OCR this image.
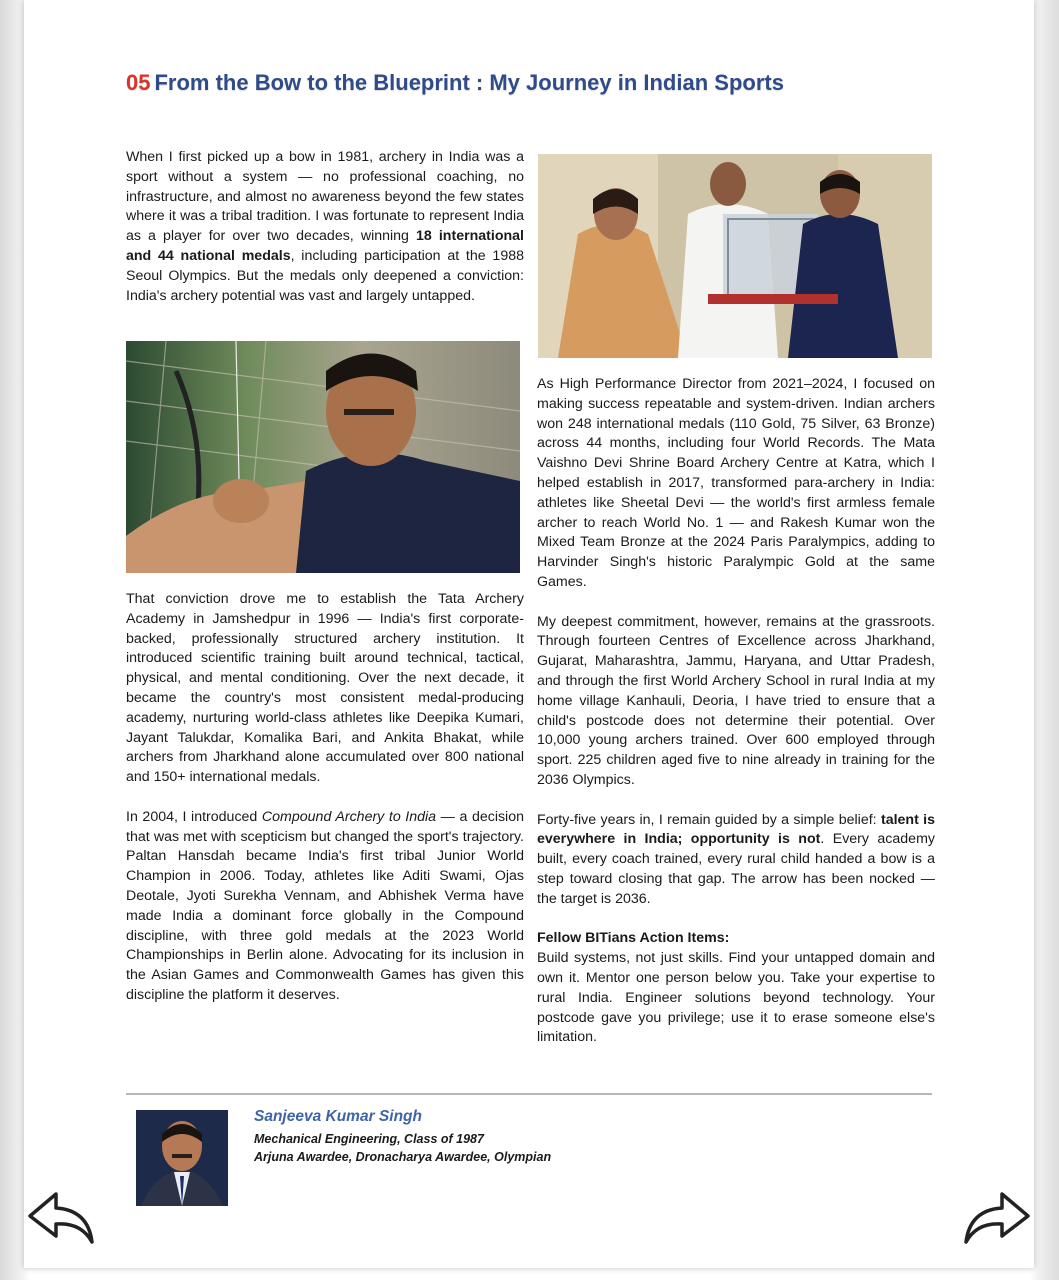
05 From the Bow to the Blueprint : My Journey in Indian Sports

When I first picked up a bow in 1981, archery in India was a sport without a system — no professional coaching, no infrastructure, and almost no awareness beyond the few states where it was a tribal tradition. I was fortunate to represent India as a player for over two decades, winning 18 international and 44 national medals, including participation at the 1988 Seoul Olympics. But the medals only deepened a conviction: India's archery potential was vast and largely untapped.

That conviction drove me to establish the Tata Archery Academy in Jamshedpur in 1996 — India's first corporate-backed, professionally structured archery institution. It introduced scientific training built around technical, tactical, physical, and mental conditioning. Over the next decade, it became the country's most consistent medal-producing academy, nurturing world-class athletes like Deepika Kumari, Jayant Talukdar, Komalika Bari, and Ankita Bhakat, while archers from Jharkhand alone accumulated over 800 national and 150+ international medals.

In 2004, I introduced Compound Archery to India — a decision that was met with scepticism but changed the sport's trajectory. Paltan Hansdah became India's first tribal Junior World Champion in 2006. Today, athletes like Aditi Swami, Ojas Deotale, Jyoti Surekha Vennam, and Abhishek Verma have made India a dominant force globally in the Compound discipline, with three gold medals at the 2023 World Championships in Berlin alone. Advocating for its inclusion in the Asian Games and Commonwealth Games has given this discipline the platform it deserves.

As High Performance Director from 2021–2024, I focused on making success repeatable and system-driven. Indian archers won 248 international medals (110 Gold, 75 Silver, 63 Bronze) across 44 months, including four World Records. The Mata Vaishno Devi Shrine Board Archery Centre at Katra, which I helped establish in 2017, transformed para-archery in India: athletes like Sheetal Devi — the world's first armless female archer to reach World No. 1 — and Rakesh Kumar won the Mixed Team Bronze at the 2024 Paris Paralympics, adding to Harvinder Singh's historic Paralympic Gold at the same Games.

My deepest commitment, however, remains at the grassroots. Through fourteen Centres of Excellence across Jharkhand, Gujarat, Maharashtra, Jammu, Haryana, and Uttar Pradesh, and through the first World Archery School in rural India at my home village Kanhauli, Deoria, I have tried to ensure that a child's postcode does not determine their potential. Over 10,000 young archers trained. Over 600 employed through sport. 225 children aged five to nine already in training for the 2036 Olympics.

Forty-five years in, I remain guided by a simple belief: talent is everywhere in India; opportunity is not. Every academy built, every coach trained, every rural child handed a bow is a step toward closing that gap. The arrow has been nocked — the target is 2036.

Fellow BITians Action Items:
Build systems, not just skills. Find your untapped domain and own it. Mentor one person below you. Take your expertise to rural India. Engineer solutions beyond technology. Your postcode gave you privilege; use it to erase someone else's limitation.
Sanjeeva Kumar Singh
Mechanical Engineering, Class of 1987
Arjuna Awardee, Dronacharya Awardee, Olympian
